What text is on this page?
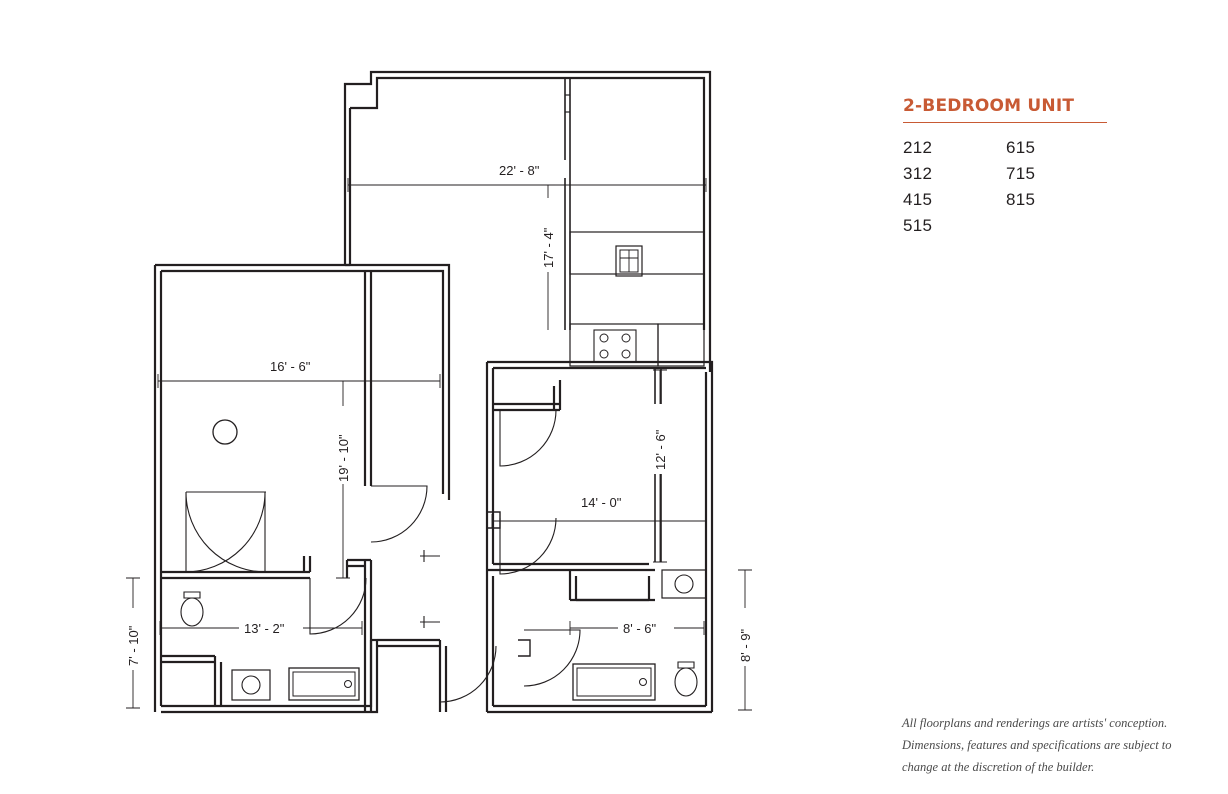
22' - 8"
17' - 4"
16' - 6"
19' - 10"
14' - 0"
12' - 6"
13' - 2"
7' - 10"	8' - 6"
8' - 9"
2-BEDROOM UNIT
212
312
415
515
615
715
815
All floorplans and renderings are artists' conception.
Dimensions, features and specifications are subject to
change at the discretion of the builder.
